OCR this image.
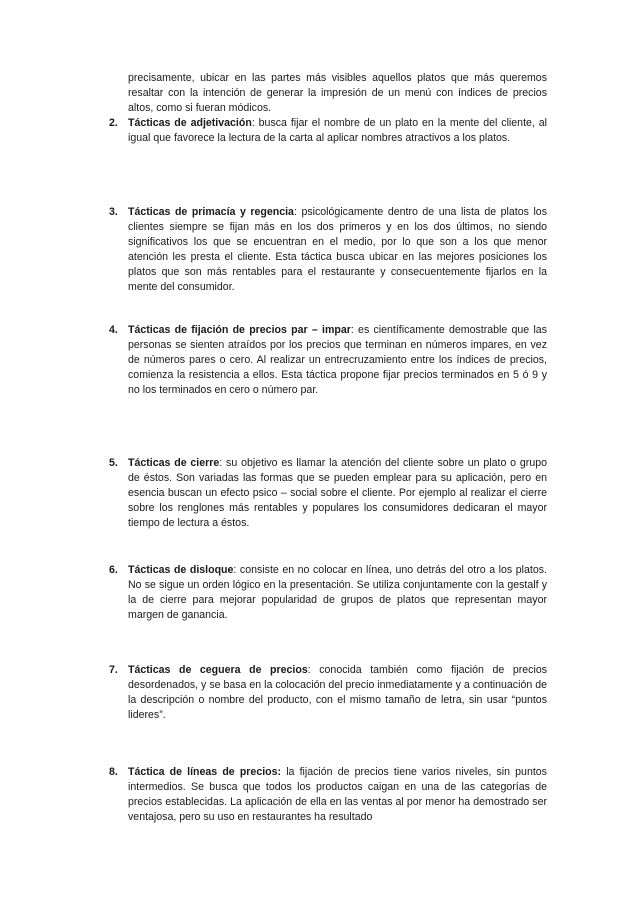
precisamente, ubicar en las partes más visibles aquellos platos que más queremos resaltar con la intención de generar la impresión de un menú con índices de precios altos, como si fueran módicos.
2. Tácticas de adjetivación: busca fijar el nombre de un plato en la mente del cliente, al igual que favorece la lectura de la carta al aplicar nombres atractivos a los platos.
3. Tácticas de primacía y regencia: psicológicamente dentro de una lista de platos los clientes siempre se fijan más en los dos primeros y en los dos últimos, no siendo significativos los que se encuentran en el medio, por lo que son a los que menor atención les presta el cliente. Esta táctica busca ubicar en las mejores posiciones los platos que son más rentables para el restaurante y consecuentemente fijarlos en la mente del consumidor.
4. Tácticas de fijación de precios par – impar: es científicamente demostrable que las personas se sienten atraídos por los precios que terminan en números impares, en vez de números pares o cero. Al realizar un entrecruzamiento entre los índices de precios, comienza la resistencia a ellos. Esta táctica propone fijar precios terminados en 5 ó 9 y no los terminados en cero o número par.
5. Tácticas de cierre: su objetivo es llamar la atención del cliente sobre un plato o grupo de éstos. Son variadas las formas que se pueden emplear para su aplicación, pero en esencia buscan un efecto psico – social sobre el cliente. Por ejemplo al realizar el cierre sobre los renglones más rentables y populares los consumidores dedicaran el mayor tiempo de lectura a éstos.
6. Tácticas de disloque: consiste en no colocar en línea, uno detrás del otro a los platos. No se sigue un orden lógico en la presentación. Se utiliza conjuntamente con la gestalf y la de cierre para mejorar popularidad de grupos de platos que representan mayor margen de ganancia.
7. Tácticas de ceguera de precios: conocida también como fijación de precios desordenados, y se basa en la colocación del precio inmediatamente y a continuación de la descripción o nombre del producto, con el mismo tamaño de letra, sin usar “puntos lideres”.
8. Táctica de líneas de precios: la fijación de precios tiene varios niveles, sin puntos intermedios. Se busca que todos los productos caigan en una de las categorías de precios establecidas. La aplicación de ella en las ventas al por menor ha demostrado ser ventajosa, pero su uso en restaurantes ha resultado
